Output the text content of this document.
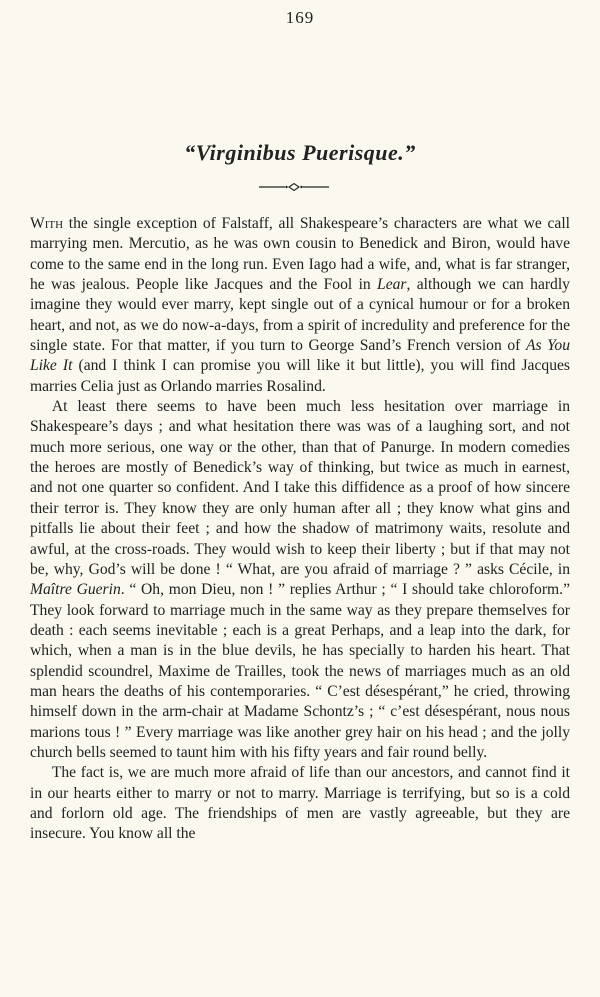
169
“Virginibus Puerisque.”

With the single exception of Falstaff, all Shakespeare’s characters are what we call marrying men. Mercutio, as he was own cousin to Benedick and Biron, would have come to the same end in the long run. Even Iago had a wife, and, what is far stranger, he was jealous. People like Jacques and the Fool in Lear, although we can hardly imagine they would ever marry, kept single out of a cynical humour or for a broken heart, and not, as we do now-a-days, from a spirit of incredulity and preference for the single state. For that matter, if you turn to George Sand’s French version of As You Like It (and I think I can promise you will like it but little), you will find Jacques marries Celia just as Orlando marries Rosalind.

At least there seems to have been much less hesitation over marriage in Shakespeare’s days ; and what hesitation there was was of a laughing sort, and not much more serious, one way or the other, than that of Panurge. In modern comedies the heroes are mostly of Benedick’s way of thinking, but twice as much in earnest, and not one quarter so confident. And I take this diffidence as a proof of how sincere their terror is. They know they are only human after all ; they know what gins and pitfalls lie about their feet ; and how the shadow of matrimony waits, resolute and awful, at the cross-roads. They would wish to keep their liberty ; but if that may not be, why, God’s will be done ! “ What, are you afraid of marriage ? ” asks Cécile, in Maître Guerin. “ Oh, mon Dieu, non ! ” replies Arthur ; “ I should take chloroform.” They look forward to marriage much in the same way as they prepare themselves for death : each seems inevitable ; each is a great Perhaps, and a leap into the dark, for which, when a man is in the blue devils, he has specially to harden his heart. That splendid scoundrel, Maxime de Trailles, took the news of marriages much as an old man hears the deaths of his contemporaries. “ C’est désespérant,” he cried, throwing himself down in the arm-chair at Madame Schontz’s ; “ c’est désespérant, nous nous marions tous ! ” Every marriage was like another grey hair on his head ; and the jolly church bells seemed to taunt him with his fifty years and fair round belly.

The fact is, we are much more afraid of life than our ancestors, and cannot find it in our hearts either to marry or not to marry. Marriage is terrifying, but so is a cold and forlorn old age. The friendships of men are vastly agreeable, but they are insecure. You know all the
